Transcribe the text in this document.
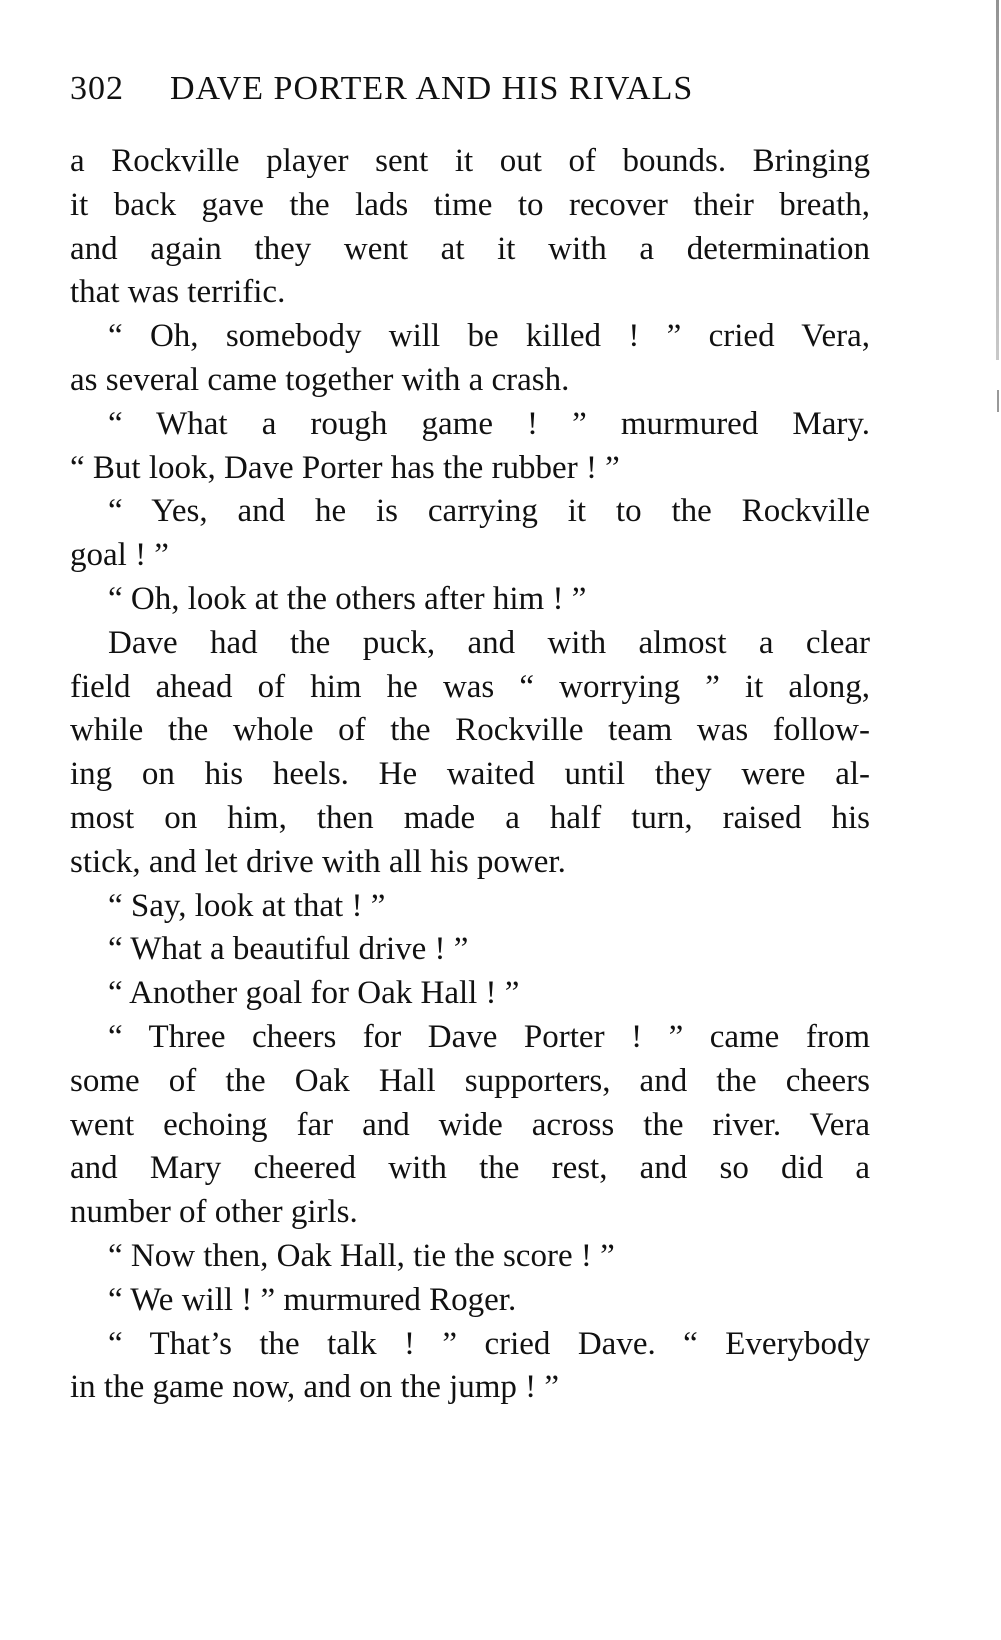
302 DAVE PORTER AND HIS RIVALS
a Rockville player sent it out of bounds. Bringing
it back gave the lads time to recover their breath,
and again they went at it with a determination
that was terrific.
“ Oh, somebody will be killed ! ” cried Vera,
as several came together with a crash.
“ What a rough game ! ” murmured Mary.
“ But look, Dave Porter has the rubber ! ”
“ Yes, and he is carrying it to the Rockville
goal ! ”
“ Oh, look at the others after him ! ”
Dave had the puck, and with almost a clear
field ahead of him he was “ worrying ” it along,
while the whole of the Rockville team was follow-
ing on his heels. He waited until they were al-
most on him, then made a half turn, raised his
stick, and let drive with all his power.
“ Say, look at that ! ”
“ What a beautiful drive ! ”
“ Another goal for Oak Hall ! ”
“ Three cheers for Dave Porter ! ” came from
some of the Oak Hall supporters, and the cheers
went echoing far and wide across the river. Vera
and Mary cheered with the rest, and so did a
number of other girls.
“ Now then, Oak Hall, tie the score ! ”
“ We will ! ” murmured Roger.
“ That’s the talk ! ” cried Dave. “ Everybody
in the game now, and on the jump ! ”
